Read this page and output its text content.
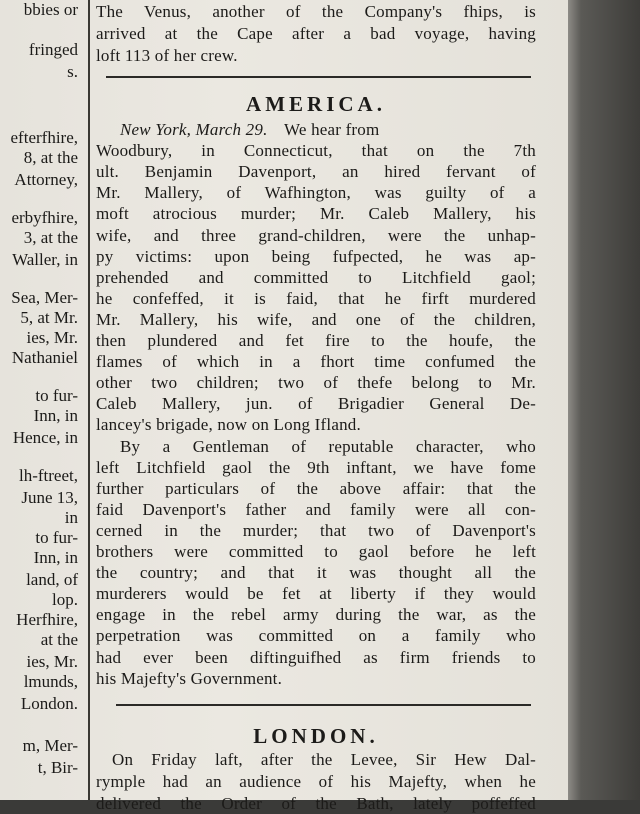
bbies or
fringed
s.
efterfhire,
8, at the
Attorney,
erbyfhire,
3, at the
Waller, in
Sea, Mer-
5, at Mr.
ies, Mr.
Nathaniel
to fur-
Inn, in
Hence, in
lh-ftreet,
June 13,
in
to fur-
Inn, in
land, of
lop.
Herfhire,
at the
ies, Mr.
lmunds,
London.
m, Mer-
t, Bir-
The Venus, another of the Company's fhips, is
arrived at the Cape after a bad voyage, having
loft 113 of her crew.
AMERICA.
New York, March 29. We hear from
Woodbury, in Connecticut, that on the 7th
ult. Benjamin Davenport, an hired fervant of
Mr. Mallery, of Wafhington, was guilty of a
moft atrocious murder; Mr. Caleb Mallery, his
wife, and three grand-children, were the unhap-
py victims: upon being fufpected, he was ap-
prehended and committed to Litchfield gaol;
he confeffed, it is faid, that he firft murdered
Mr. Mallery, his wife, and one of the children,
then plundered and fet fire to the houfe, the
flames of which in a fhort time confumed the
other two children; two of thefe belong to Mr.
Caleb Mallery, jun. of Brigadier General De-
lancey's brigade, now on Long Ifland.
By a Gentleman of reputable character, who
left Litchfield gaol the 9th inftant, we have fome
further particulars of the above affair: that the
faid Davenport's father and family were all con-
cerned in the murder; that two of Davenport's
brothers were committed to gaol before he left
the country; and that it was thought all the
murderers would be fet at liberty if they would
engage in the rebel army during the war, as the
perpetration was committed on a family who
had ever been diftinguifhed as firm friends to
his Majefty's Government.
LONDON.
On Friday laft, after the Levee, Sir Hew Dal-
rymple had an audience of his Majefty, when he
delivered the Order of the Bath, lately poffeffed
